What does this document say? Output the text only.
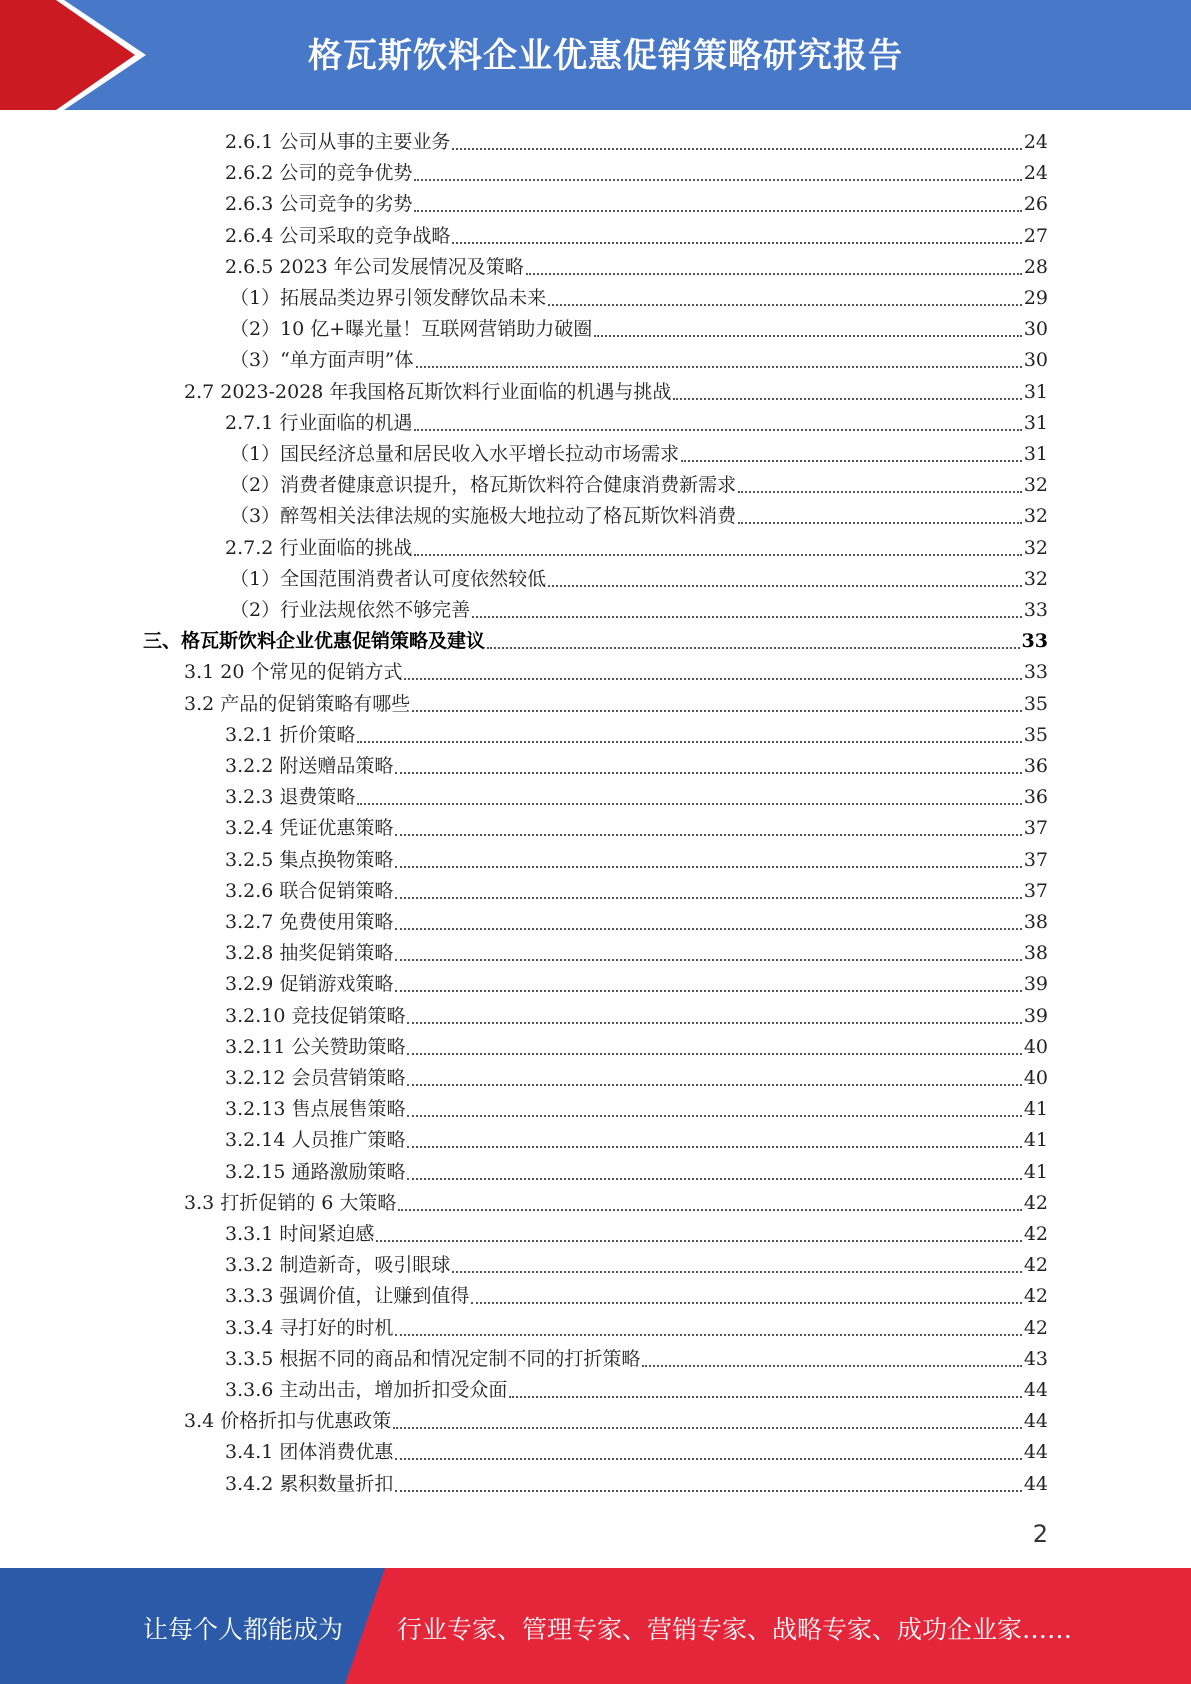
格瓦斯饮料企业优惠促销策略研究报告
2.6.1 公司从事的主要业务	24
2.6.2 公司的竞争优势	24
2.6.3 公司竞争的劣势	26
2.6.4 公司采取的竞争战略	27
2.6.5 2023 年公司发展情况及策略	28
（1）拓展品类边界引领发酵饮品未来	29
（2）10 亿+曝光量！互联网营销助力破圈	30
（3）“单方面声明”体	30
2.7 2023-2028 年我国格瓦斯饮料行业面临的机遇与挑战	31
2.7.1 行业面临的机遇	31
（1）国民经济总量和居民收入水平增长拉动市场需求	31
（2）消费者健康意识提升，格瓦斯饮料符合健康消费新需求	32
（3）醉驾相关法律法规的实施极大地拉动了格瓦斯饮料消费	32
2.7.2 行业面临的挑战	32
（1）全国范围消费者认可度依然较低	32
（2）行业法规依然不够完善	33
三、格瓦斯饮料企业优惠促销策略及建议	33
3.1 20 个常见的促销方式	33
3.2 产品的促销策略有哪些	35
3.2.1 折价策略	35
3.2.2 附送赠品策略	36
3.2.3 退费策略	36
3.2.4 凭证优惠策略	37
3.2.5 集点换物策略	37
3.2.6 联合促销策略	37
3.2.7 免费使用策略	38
3.2.8 抽奖促销策略	38
3.2.9 促销游戏策略	39
3.2.10 竞技促销策略	39
3.2.11 公关赞助策略	40
3.2.12 会员营销策略	40
3.2.13 售点展售策略	41
3.2.14 人员推广策略	41
3.2.15 通路激励策略	41
3.3 打折促销的 6 大策略	42
3.3.1 时间紧迫感	42
3.3.2 制造新奇，吸引眼球	42
3.3.3 强调价值，让赚到值得	42
3.3.4 寻打好的时机	42
3.3.5 根据不同的商品和情况定制不同的打折策略	43
3.3.6 主动出击，增加折扣受众面	44
3.4 价格折扣与优惠政策	44
3.4.1 团体消费优惠	44
3.4.2 累积数量折扣	44
2
让每个人都能成为 行业专家、管理专家、营销专家、战略专家、成功企业家……
